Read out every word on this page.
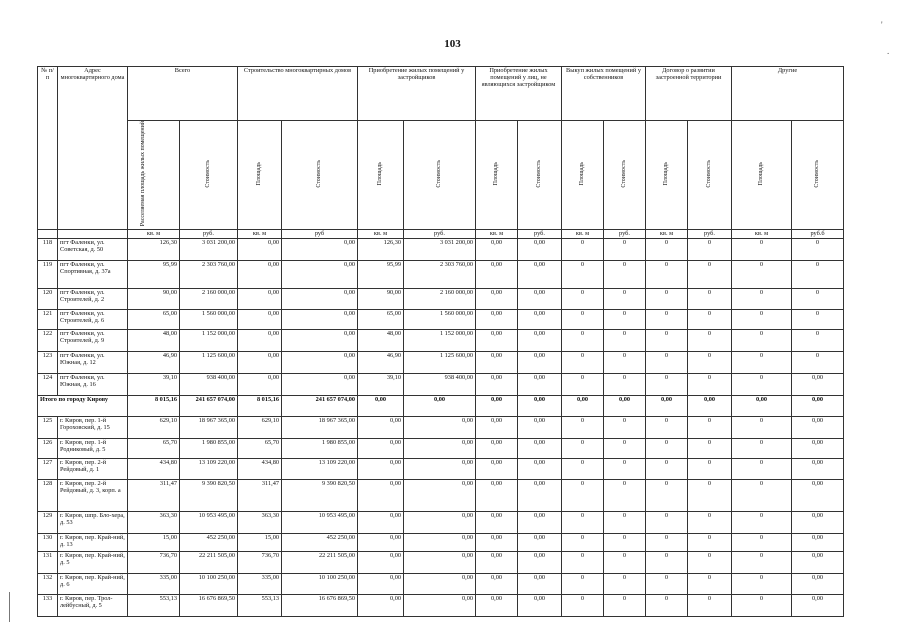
103
'
.
№ п/п	Адрес многоквартирного дома	Всего		Строительство многоквартирных домов		Приобретение жилых помещений у застройщиков		Приобретение жилых помещений у лиц, не являющихся застройщиком		Выкуп жилых помещений у собственников		Договор о развитии застроенной территории		Другие	
		Расселяемая площадь жилых помещений	Стоимость	Площадь	Стоимость	Площадь	Стоимость	Площадь	Стоимость	Площадь	Стоимость	Площадь	Стоимость	Площадь	Стоимость
		кв. м	руб.	кв. м	руб	кв. м	руб.	кв. м	руб.	кв. м	руб.	кв. м	руб.	кв. м	руб.б
118	пгт Фаленки, ул. Советская, д. 50	126,30	3 031 200,00	0,00	0,00	126,30	3 031 200,00	0,00	0,00	0	0	0	0	0	0
119	пгт Фаленки, ул. Спортивная, д. 37а	95,99	2 303 760,00	0,00	0,00	95,99	2 303 760,00	0,00	0,00	0	0	0	0	0	0
120	пгт Фаленки, ул. Строителей, д. 2	90,00	2 160 000,00	0,00	0,00	90,00	2 160 000,00	0,00	0,00	0	0	0	0	0	0
121	пгт Фаленки, ул. Строителей, д. 6	65,00	1 560 000,00	0,00	0,00	65,00	1 560 000,00	0,00	0,00	0	0	0	0	0	0
122	пгт Фаленки, ул. Строителей, д. 9	48,00	1 152 000,00	0,00	0,00	48,00	1 152 000,00	0,00	0,00	0	0	0	0	0	0
123	пгт Фаленки, ул. Южная, д. 12	46,90	1 125 600,00	0,00	0,00	46,90	1 125 600,00	0,00	0,00	0	0	0	0	0	0
124	пгт Фаленки, ул. Южная, д. 16	39,10	938 400,00	0,00	0,00	39,10	938 400,00	0,00	0,00	0	0	0	0	0	0,00
Итого по городу Кирову		8 015,16	241 657 074,00	8 015,16	241 657 074,00	0,00	0,00	0,00	0,00	0,00	0,00	0,00	0,00	0,00	0,00
125	г. Киров, пер. 1-й Гороховский, д. 15	629,10	18 967 365,00	629,10	18 967 365,00	0,00	0,00	0,00	0,00	0	0	0	0	0	0,00
126	г. Киров, пер. 1-й Родниковый, д. 5	65,70	1 980 855,00	65,70	1 980 855,00	0,00	0,00	0,00	0,00	0	0	0	0	0	0,00
127	г. Киров, пер. 2-й Рейдовый, д. 1	434,80	13 109 220,00	434,80	13 109 220,00	0,00	0,00	0,00	0,00	0	0	0	0	0	0,00
128	г. Киров, пер. 2-й Рейдовый, д. 3, корп. а	311,47	9 390 820,50	311,47	9 390 820,50	0,00	0,00	0,00	0,00	0	0	0	0	0	0,00
129	г. Киров, шпр. Бло-хера, д. 53	363,30	10 953 495,00	363,30	10 953 495,00	0,00	0,00	0,00	0,00	0	0	0	0	0	0,00
130	г. Киров, пер. Край-ний, д. 13	15,00	452 250,00	15,00	452 250,00	0,00	0,00	0,00	0,00	0	0	0	0	0	0,00
131	г. Киров, пер. Край-ний, д. 5	736,70	22 211 505,00	736,70	22 211 505,00	0,00	0,00	0,00	0,00	0	0	0	0	0	0,00
132	г. Киров, пер. Край-ний, д. 6	335,00	10 100 250,00	335,00	10 100 250,00	0,00	0,00	0,00	0,00	0	0	0	0	0	0,00
133	г. Киров, пер. Трол-лейбусный, д. 5	553,13	16 676 869,50	553,13	16 676 869,50	0,00	0,00	0,00	0,00	0	0	0	0	0	0,00
